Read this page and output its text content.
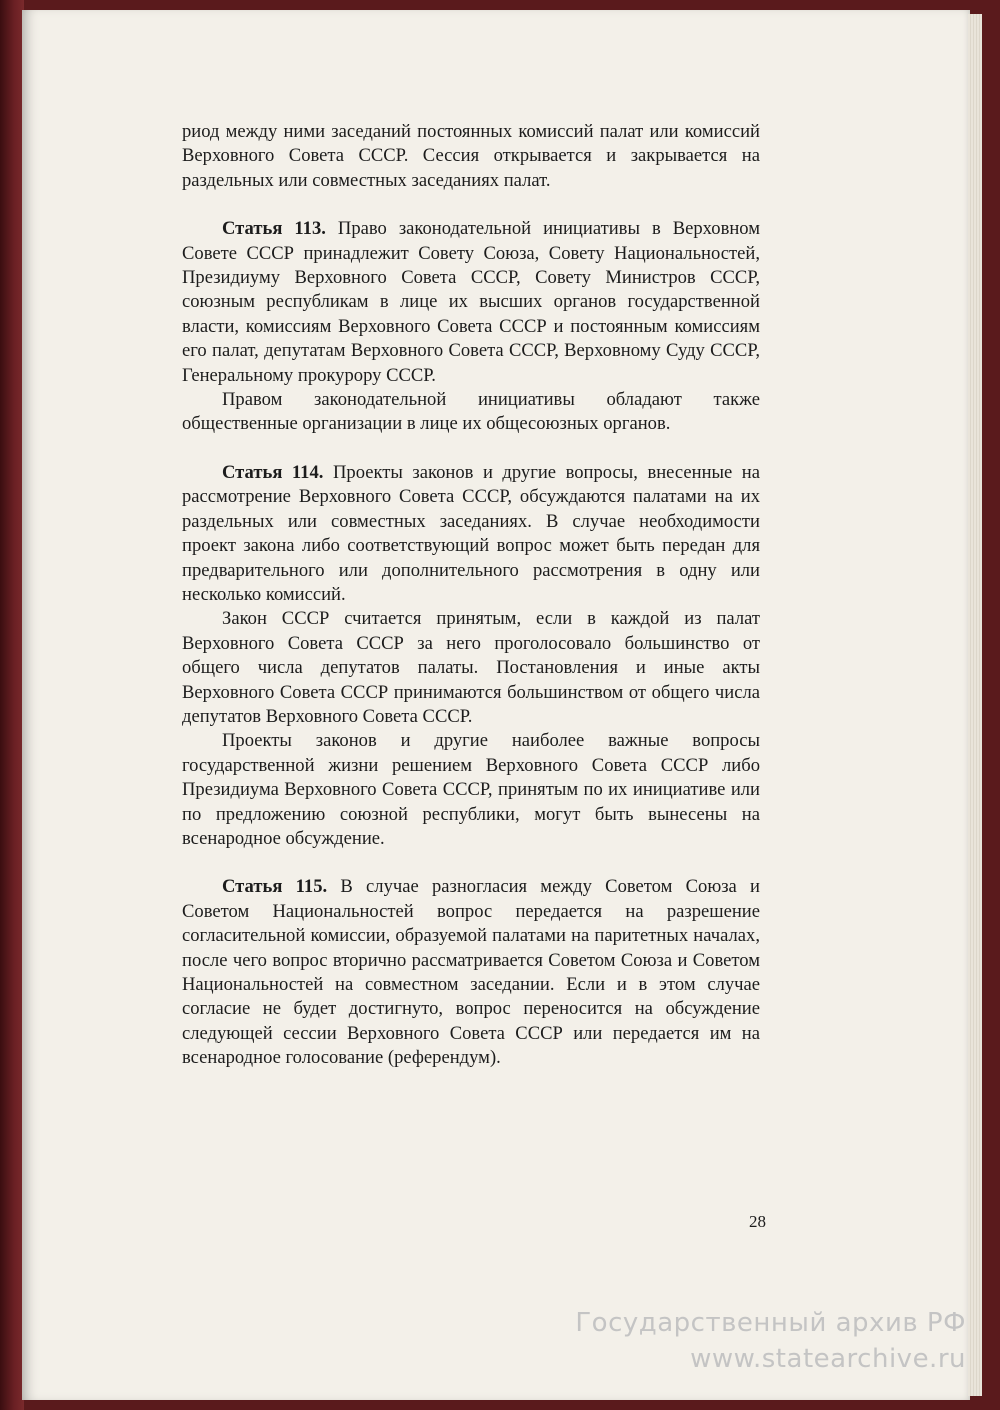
риод между ними заседаний постоянных комиссий палат или комиссий Верховного Совета СССР. Сессия открывается и закрывается на раздельных или совместных заседаниях палат.

Статья 113. Право законодательной инициативы в Верховном Совете СССР принадлежит Совету Союза, Совету Национальностей, Президиуму Верховного Совета СССР, Совету Министров СССР, союзным республикам в лице их высших органов государственной власти, комиссиям Верховного Совета СССР и постоянным комиссиям его палат, депутатам Верховного Совета СССР, Верховному Суду СССР, Генеральному прокурору СССР.

Правом законодательной инициативы обладают также общественные организации в лице их общесоюзных органов.

Статья 114. Проекты законов и другие вопросы, внесенные на рассмотрение Верховного Совета СССР, обсуждаются палатами на их раздельных или совместных заседаниях. В случае необходимости проект закона либо соответствующий вопрос может быть передан для предварительного или дополнительного рассмотрения в одну или несколько комиссий.

Закон СССР считается принятым, если в каждой из палат Верховного Совета СССР за него проголосовало большинство от общего числа депутатов палаты. Постановления и иные акты Верховного Совета СССР принимаются большинством от общего числа депутатов Верховного Совета СССР.

Проекты законов и другие наиболее важные вопросы государственной жизни решением Верховного Совета СССР либо Президиума Верховного Совета СССР, принятым по их инициативе или по предложению союзной республики, могут быть вынесены на всенародное обсуждение.

Статья 115. В случае разногласия между Советом Союза и Советом Национальностей вопрос передается на разрешение согласительной комиссии, образуемой палатами на паритетных началах, после чего вопрос вторично рассматривается Советом Союза и Советом Национальностей на совместном заседании. Если и в этом случае согласие не будет достигнуто, вопрос переносится на обсуждение следующей сессии Верховного Совета СССР или передается им на всенародное голосование (референдум).

28
Государственный архив РФ
www.statearchive.ru
